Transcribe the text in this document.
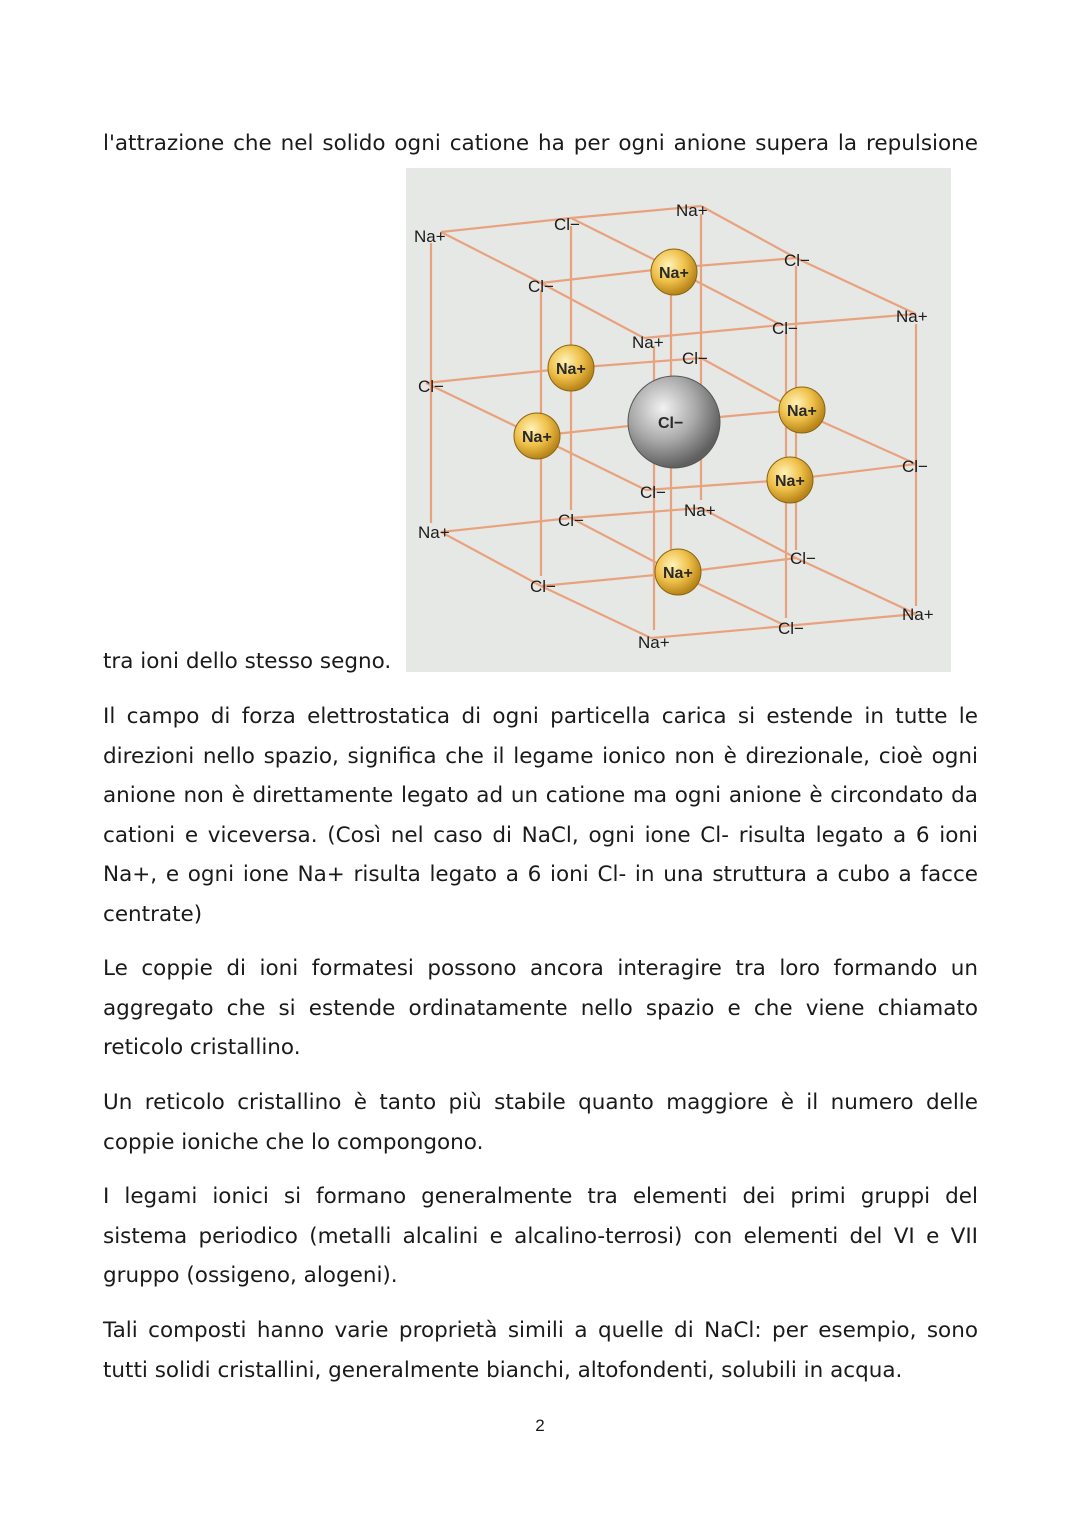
l'attrazione che nel solido ogni catione ha per ogni anione supera la repulsione

Cl−
Na+
Na+
Na+
Na+
Na+
Na+
Na+
Na+
Na+
Na+
Na+
Na+
Na+
Na+
Cl−
Cl−
Cl−
Cl−
Cl−
Cl−
Cl−
Cl−
Cl−
Cl−
Cl−
Cl−

tra ioni dello stesso segno.

Il campo di forza elettrostatica di ogni particella carica si estende in tutte le direzioni nello spazio, significa che il legame ionico non è direzionale, cioè ogni anione non è direttamente legato ad un catione ma ogni anione è circondato da cationi e viceversa. (Così nel caso di NaCl, ogni ione Cl- risulta legato a 6 ioni Na+, e ogni ione Na+ risulta legato a 6 ioni Cl- in una struttura a cubo a facce centrate)

Le coppie di ioni formatesi possono ancora interagire tra loro formando un aggregato che si estende ordinatamente nello spazio e che viene chiamato reticolo cristallino.

Un reticolo cristallino è tanto più stabile quanto maggiore è il numero delle coppie ioniche che lo compongono.

I legami ionici si formano generalmente tra elementi dei primi gruppi del sistema periodico (metalli alcalini e alcalino-terrosi) con elementi del VI e VII gruppo (ossigeno, alogeni).

Tali composti hanno varie proprietà simili a quelle di NaCl: per esempio, sono tutti solidi cristallini, generalmente bianchi, altofondenti, solubili in acqua.

2
